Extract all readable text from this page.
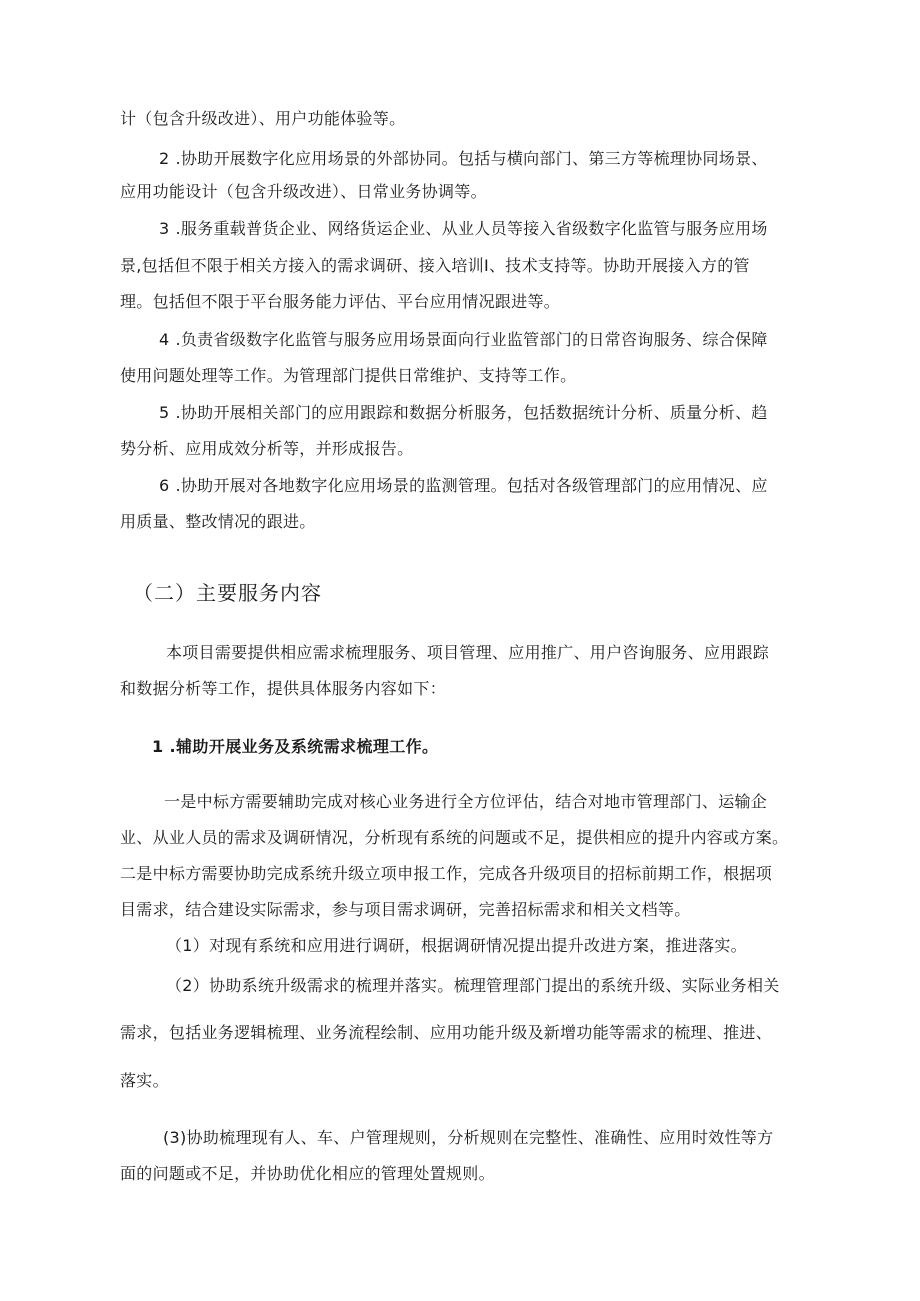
计（包含升级改进）、用户功能体验等。
2 .协助开展数字化应用场景的外部协同。包括与横向部门、第三方等梳理协同场景、
应用功能设计（包含升级改进）、日常业务协调等。
3 .服务重载普货企业、网络货运企业、从业人员等接入省级数字化监管与服务应用场
景,包括但不限于相关方接入的需求调研、接入培训I、技术支持等。协助开展接入方的管
理。包括但不限于平台服务能力评估、平台应用情况跟进等。
4 .负责省级数字化监管与服务应用场景面向行业监管部门的日常咨询服务、综合保障
使用问题处理等工作。为管理部门提供日常维护、支持等工作。
5 .协助开展相关部门的应用跟踪和数据分析服务，包括数据统计分析、质量分析、趋
势分析、应用成效分析等，并形成报告。
6 .协助开展对各地数字化应用场景的监测管理。包括对各级管理部门的应用情况、应
用质量、整改情况的跟进。
（二）主要服务内容
本项目需要提供相应需求梳理服务、项目管理、应用推广、用户咨询服务、应用跟踪
和数据分析等工作，提供具体服务内容如下：
1 .辅助开展业务及系统需求梳理工作。
一是中标方需要辅助完成对核心业务进行全方位评估，结合对地市管理部门、运输企
业、从业人员的需求及调研情况，分析现有系统的问题或不足，提供相应的提升内容或方案。
二是中标方需要协助完成系统升级立项申报工作，完成各升级项目的招标前期工作，根据项
目需求，结合建设实际需求，参与项目需求调研，完善招标需求和相关文档等。
（1）对现有系统和应用进行调研，根据调研情况提出提升改进方案，推进落实。
（2）协助系统升级需求的梳理并落实。梳理管理部门提出的系统升级、实际业务相关
需求，包括业务逻辑梳理、业务流程绘制、应用功能升级及新增功能等需求的梳理、推进、
落实。
(3)协助梳理现有人、车、户管理规则，分析规则在完整性、准确性、应用时效性等方
面的问题或不足，并协助优化相应的管理处置规则。
